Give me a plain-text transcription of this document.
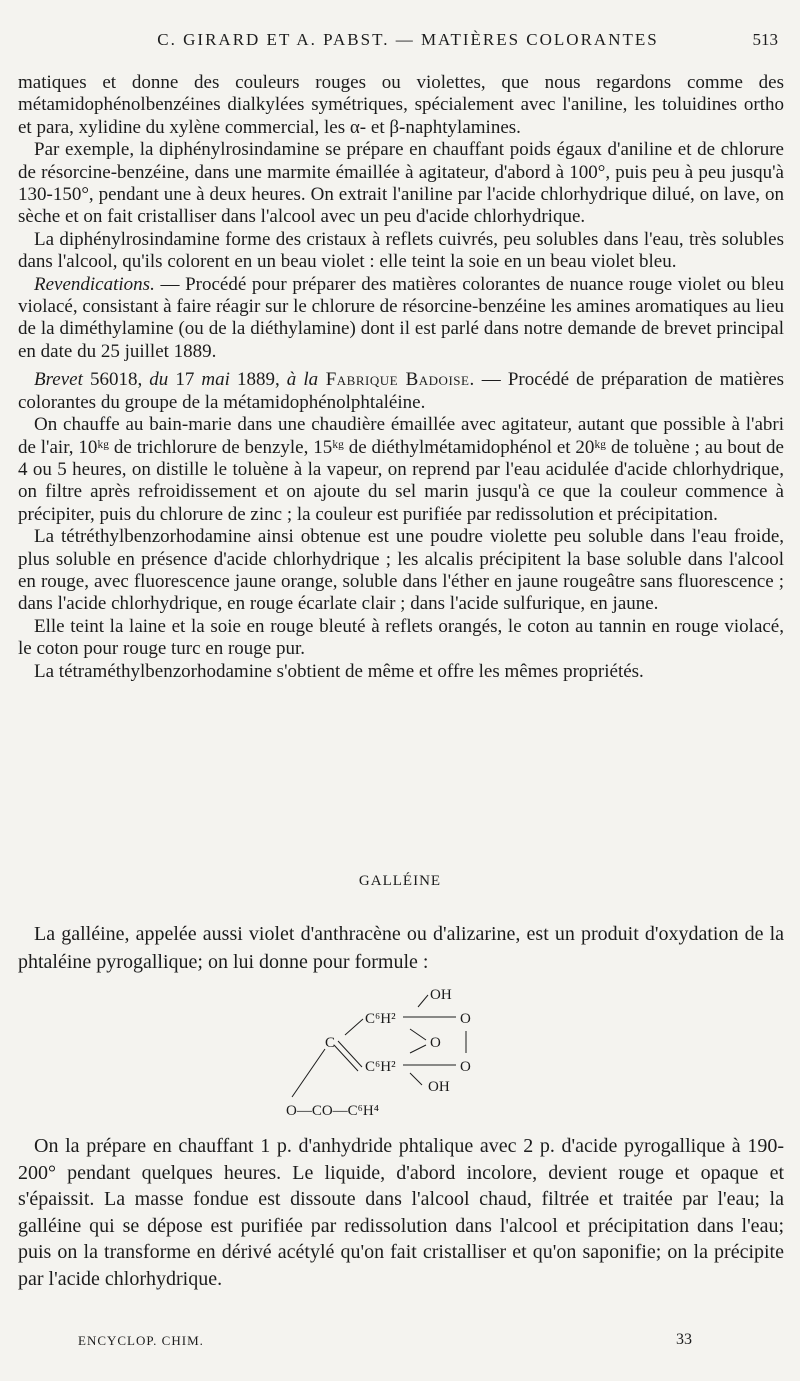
C. GIRARD ET A. PABST. — MATIÈRES COLORANTES	513

matiques et donne des couleurs rouges ou violettes, que nous regardons comme des métamidophénolbenzéines dialkylées symétriques, spécialement avec l'aniline, les toluidines ortho et para, xylidine du xylène commercial, les α- et β-naphtylamines.

Par exemple, la diphénylrosindamine se prépare en chauffant poids égaux d'aniline et de chlorure de résorcine-benzéine, dans une marmite émaillée à agitateur, d'abord à 100°, puis peu à peu jusqu'à 130-150°, pendant une à deux heures. On extrait l'aniline par l'acide chlorhydrique dilué, on lave, on sèche et on fait cristalliser dans l'alcool avec un peu d'acide chlorhydrique.

La diphénylrosindamine forme des cristaux à reflets cuivrés, peu solubles dans l'eau, très solubles dans l'alcool, qu'ils colorent en un beau violet : elle teint la soie en un beau violet bleu.

Revendications. — Procédé pour préparer des matières colorantes de nuance rouge violet ou bleu violacé, consistant à faire réagir sur le chlorure de résorcine-benzéine les amines aromatiques au lieu de la diméthylamine (ou de la diéthylamine) dont il est parlé dans notre demande de brevet principal en date du 25 juillet 1889.

Brevet 56018, du 17 mai 1889, à la Fabrique Badoise. — Procédé de préparation de matières colorantes du groupe de la métamidophénolphtaléine.

On chauffe au bain-marie dans une chaudière émaillée avec agitateur, autant que possible à l'abri de l'air, 10ᵏᵍ de trichlorure de benzyle, 15ᵏᵍ de diéthylmétamidophénol et 20ᵏᵍ de toluène ; au bout de 4 ou 5 heures, on distille le toluène à la vapeur, on reprend par l'eau acidulée d'acide chlorhydrique, on filtre après refroidissement et on ajoute du sel marin jusqu'à ce que la couleur commence à précipiter, puis du chlorure de zinc ; la couleur est purifiée par redissolution et précipitation.

La tétréthylbenzorhodamine ainsi obtenue est une poudre violette peu soluble dans l'eau froide, plus soluble en présence d'acide chlorhydrique ; les alcalis précipitent la base soluble dans l'alcool en rouge, avec fluorescence jaune orange, soluble dans l'éther en jaune rougeâtre sans fluorescence ; dans l'acide chlorhydrique, en rouge écarlate clair ; dans l'acide sulfurique, en jaune.

Elle teint la laine et la soie en rouge bleuté à reflets orangés, le coton au tannin en rouge violacé, le coton pour rouge turc en rouge pur.

La tétraméthylbenzorhodamine s'obtient de même et offre les mêmes propriétés.

GALLÉINE

La galléine, appelée aussi violet d'anthracène ou d'alizarine, est un produit d'oxydation de la phtaléine pyrogallique; on lui donne pour formule :

OH
C⁶H²	O
C	O
C⁶H²	O
OH
O—CO—C⁶H⁴

On la prépare en chauffant 1 p. d'anhydride phtalique avec 2 p. d'acide pyrogallique à 190-200° pendant quelques heures. Le liquide, d'abord incolore, devient rouge et opaque et s'épaissit. La masse fondue est dissoute dans l'alcool chaud, filtrée et traitée par l'eau; la galléine qui se dépose est purifiée par redissolution dans l'alcool et précipitation dans l'eau; puis on la transforme en dérivé acétylé qu'on fait cristalliser et qu'on saponifie; on la précipite par l'acide chlorhydrique.

ENCYCLOP. CHIM.	33
